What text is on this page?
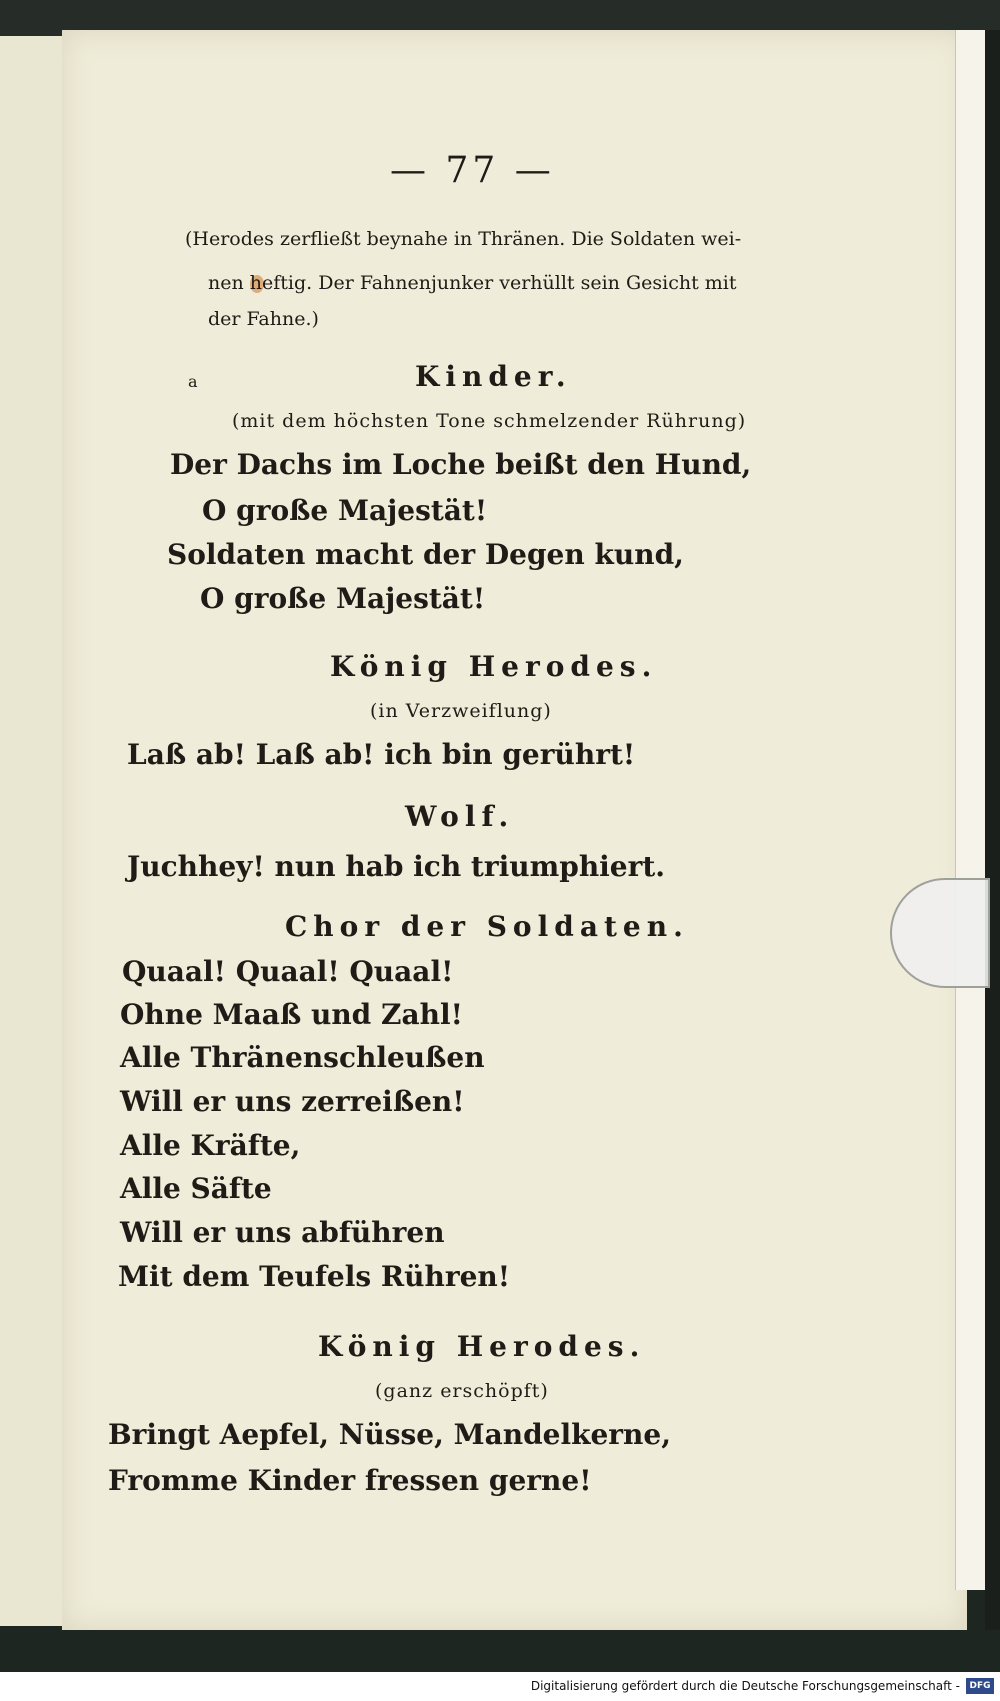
— 77 —
(Herodes zerfließt beynahe in Thränen. Die Soldaten wei-
nen heftig. Der Fahnenjunker verhüllt sein Gesicht mit
der Fahne.)
a	Kinder.
(mit dem höchsten Tone schmelzender Rührung)
Der Dachs im Loche beißt den Hund,
O große Majestät!
Soldaten macht der Degen kund,
O große Majestät!
König Herodes.
(in Verzweiflung)
Laß ab! Laß ab! ich bin gerührt!
Wolf.
Juchhey! nun hab ich triumphiert.
Chor der Soldaten.
Quaal! Quaal! Quaal!
Ohne Maaß und Zahl!
Alle Thränenschleußen
Will er uns zerreißen!
Alle Kräfte,
Alle Säfte
Will er uns abführen
Mit dem Teufels Rühren!
König Herodes.
(ganz erschöpft)
Bringt Aepfel, Nüsse, Mandelkerne,
Fromme Kinder fressen gerne!
Digitalisierung gefördert durch die Deutsche Forschungsgemeinschaft -	DFG
